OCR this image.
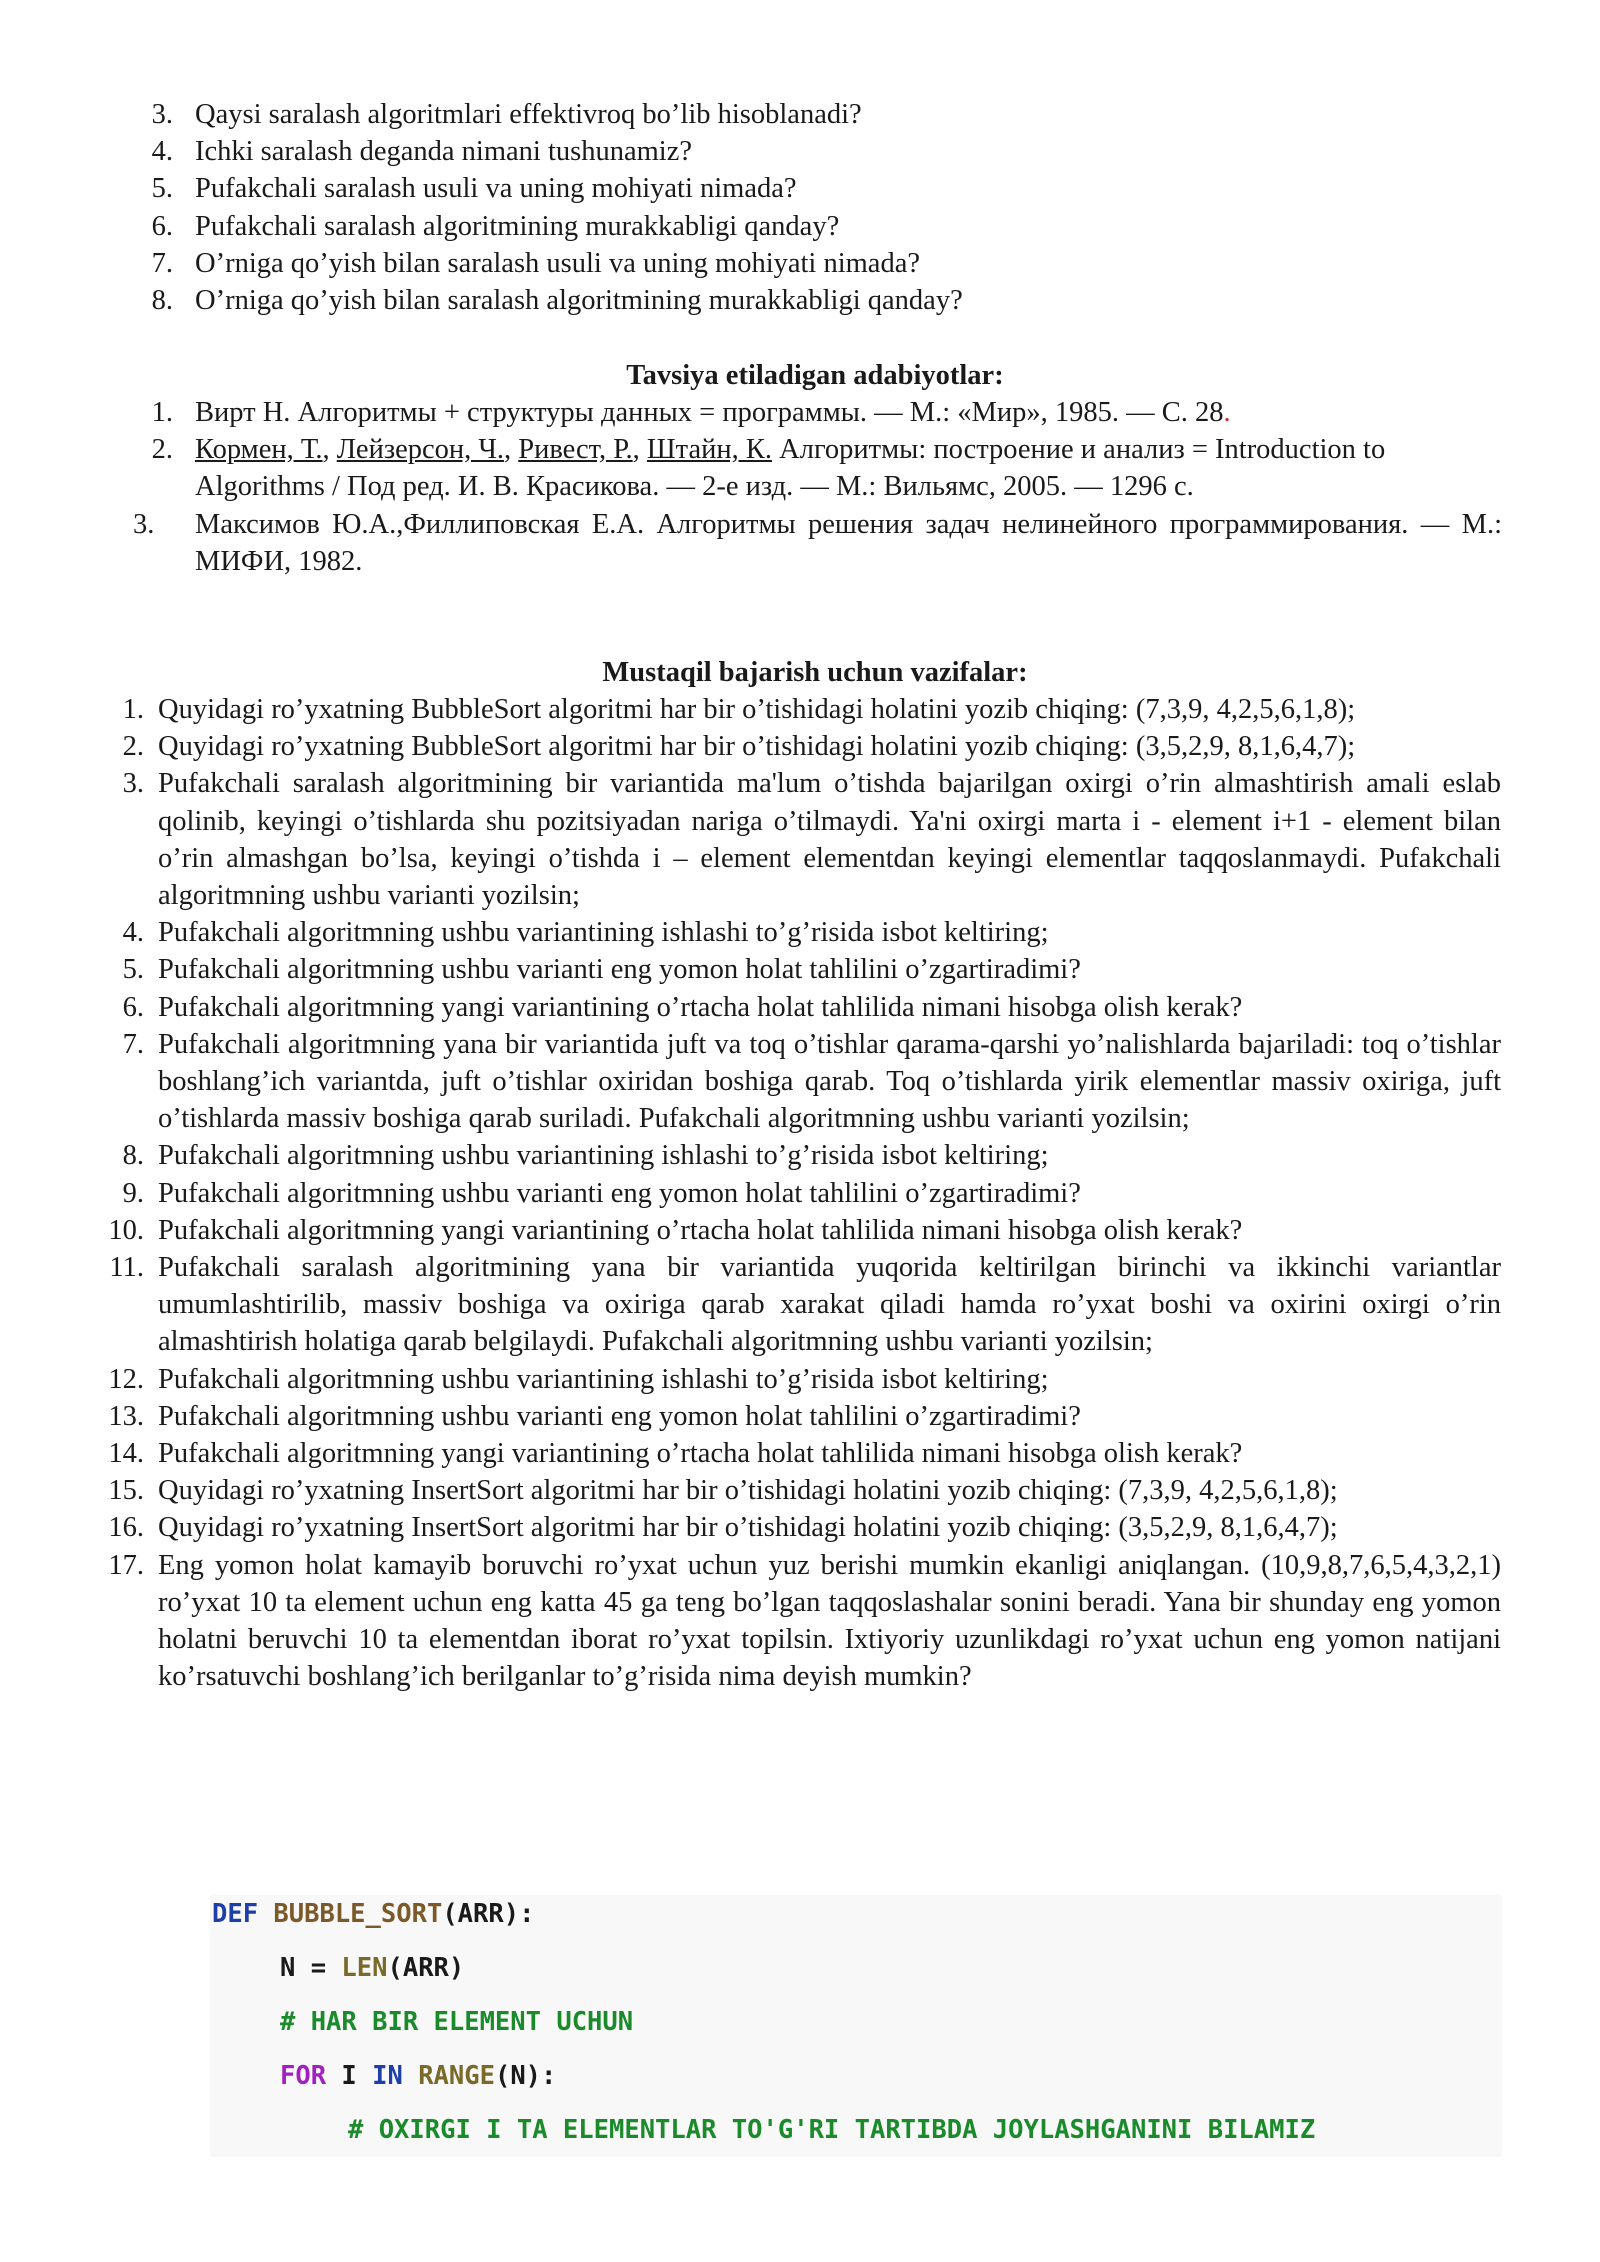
3. Qaysi saralash algoritmlari effektivroq bo’lib hisoblanadi?
4. Ichki saralash deganda nimani tushunamiz?
5. Pufakchali saralash usuli va uning mohiyati nimada?
6. Pufakchali saralash algoritmining murakkabligi qanday?
7. O’rniga qo’yish bilan saralash usuli va uning mohiyati nimada?
8. O’rniga qo’yish bilan saralash algoritmining murakkabligi qanday?
Tavsiya etiladigan adabiyotlar:
1. Вирт Н. Алгоритмы + структуры данных = программы. — М.: «Мир», 1985. — С. 28.
2. Кормен, Т., Лейзерсон, Ч., Ривест, Р., Штайн, К. Алгоритмы: построение и анализ = Introduction to Algorithms / Под ред. И. В. Красикова. — 2-е изд. — М.: Вильямс, 2005. — 1296 с.
3.	Максимов Ю.А.,Филлиповская Е.А. Алгоритмы решения задач нелинейного программирования. — М.: МИФИ, 1982.
Mustaqil bajarish uchun vazifalar:
1. Quyidagi ro’yxatning BubbleSort algoritmi har bir o’tishidagi holatini yozib chiqing: (7,3,9, 4,2,5,6,1,8);
2. Quyidagi ro’yxatning BubbleSort algoritmi har bir o’tishidagi holatini yozib chiqing: (3,5,2,9, 8,1,6,4,7);
3. Pufakchali saralash algoritmining bir variantida ma'lum o’tishda bajarilgan oxirgi o’rin almashtirish amali eslab qolinib, keyingi o’tishlarda shu pozitsiyadan nariga o’tilmaydi. Ya'ni oxirgi marta i - element i+1 - element bilan o’rin almashgan bo’lsa, keyingi o’tishda i – element elementdan keyingi elementlar taqqoslanmaydi. Pufakchali algoritmning ushbu varianti yozilsin;
4. Pufakchali algoritmning ushbu variantining ishlashi to’g’risida isbot keltiring;
5. Pufakchali algoritmning ushbu varianti eng yomon holat tahlilini o’zgartiradimi?
6. Pufakchali algoritmning yangi variantining o’rtacha holat tahlilida nimani hisobga olish kerak?
7. Pufakchali algoritmning yana bir variantida juft va toq o’tishlar qarama-qarshi yo’nalishlarda bajariladi: toq o’tishlar boshlang’ich variantda, juft o’tishlar oxiridan boshiga qarab. Toq o’tishlarda yirik elementlar massiv oxiriga, juft o’tishlarda massiv boshiga qarab suriladi. Pufakchali algoritmning ushbu varianti yozilsin;
8. Pufakchali algoritmning ushbu variantining ishlashi to’g’risida isbot keltiring;
9. Pufakchali algoritmning ushbu varianti eng yomon holat tahlilini o’zgartiradimi?
10. Pufakchali algoritmning yangi variantining o’rtacha holat tahlilida nimani hisobga olish kerak?
11. Pufakchali saralash algoritmining yana bir variantida yuqorida keltirilgan birinchi va ikkinchi variantlar umumlashtirilib, massiv boshiga va oxiriga qarab xarakat qiladi hamda ro’yxat boshi va oxirini oxirgi o’rin almashtirish holatiga qarab belgilaydi. Pufakchali algoritmning ushbu varianti yozilsin;
12. Pufakchali algoritmning ushbu variantining ishlashi to’g’risida isbot keltiring;
13. Pufakchali algoritmning ushbu varianti eng yomon holat tahlilini o’zgartiradimi?
14. Pufakchali algoritmning yangi variantining o’rtacha holat tahlilida nimani hisobga olish kerak?
15. Quyidagi ro’yxatning InsertSort algoritmi har bir o’tishidagi holatini yozib chiqing: (7,3,9, 4,2,5,6,1,8);
16. Quyidagi ro’yxatning InsertSort algoritmi har bir o’tishidagi holatini yozib chiqing: (3,5,2,9, 8,1,6,4,7);
17. Eng yomon holat kamayib boruvchi ro’yxat uchun yuz berishi mumkin ekanligi aniqlangan. (10,9,8,7,6,5,4,3,2,1) ro’yxat 10 ta element uchun eng katta 45 ga teng bo’lgan taqqoslashalar sonini beradi. Yana bir shunday eng yomon holatni beruvchi 10 ta elementdan iborat ro’yxat topilsin. Ixtiyoriy uzunlikdagi ro’yxat uchun eng yomon natijani ko’rsatuvchi boshlang’ich berilganlar to’g’risida nima deyish mumkin?

DEF BUBBLE_SORT(ARR):

N = LEN(ARR)

# HAR BIR ELEMENT UCHUN

FOR I IN RANGE(N):

# OXIRGI I TA ELEMENTLAR TO'G'RI TARTIBDA JOYLASHGANINI BILAMIZ
